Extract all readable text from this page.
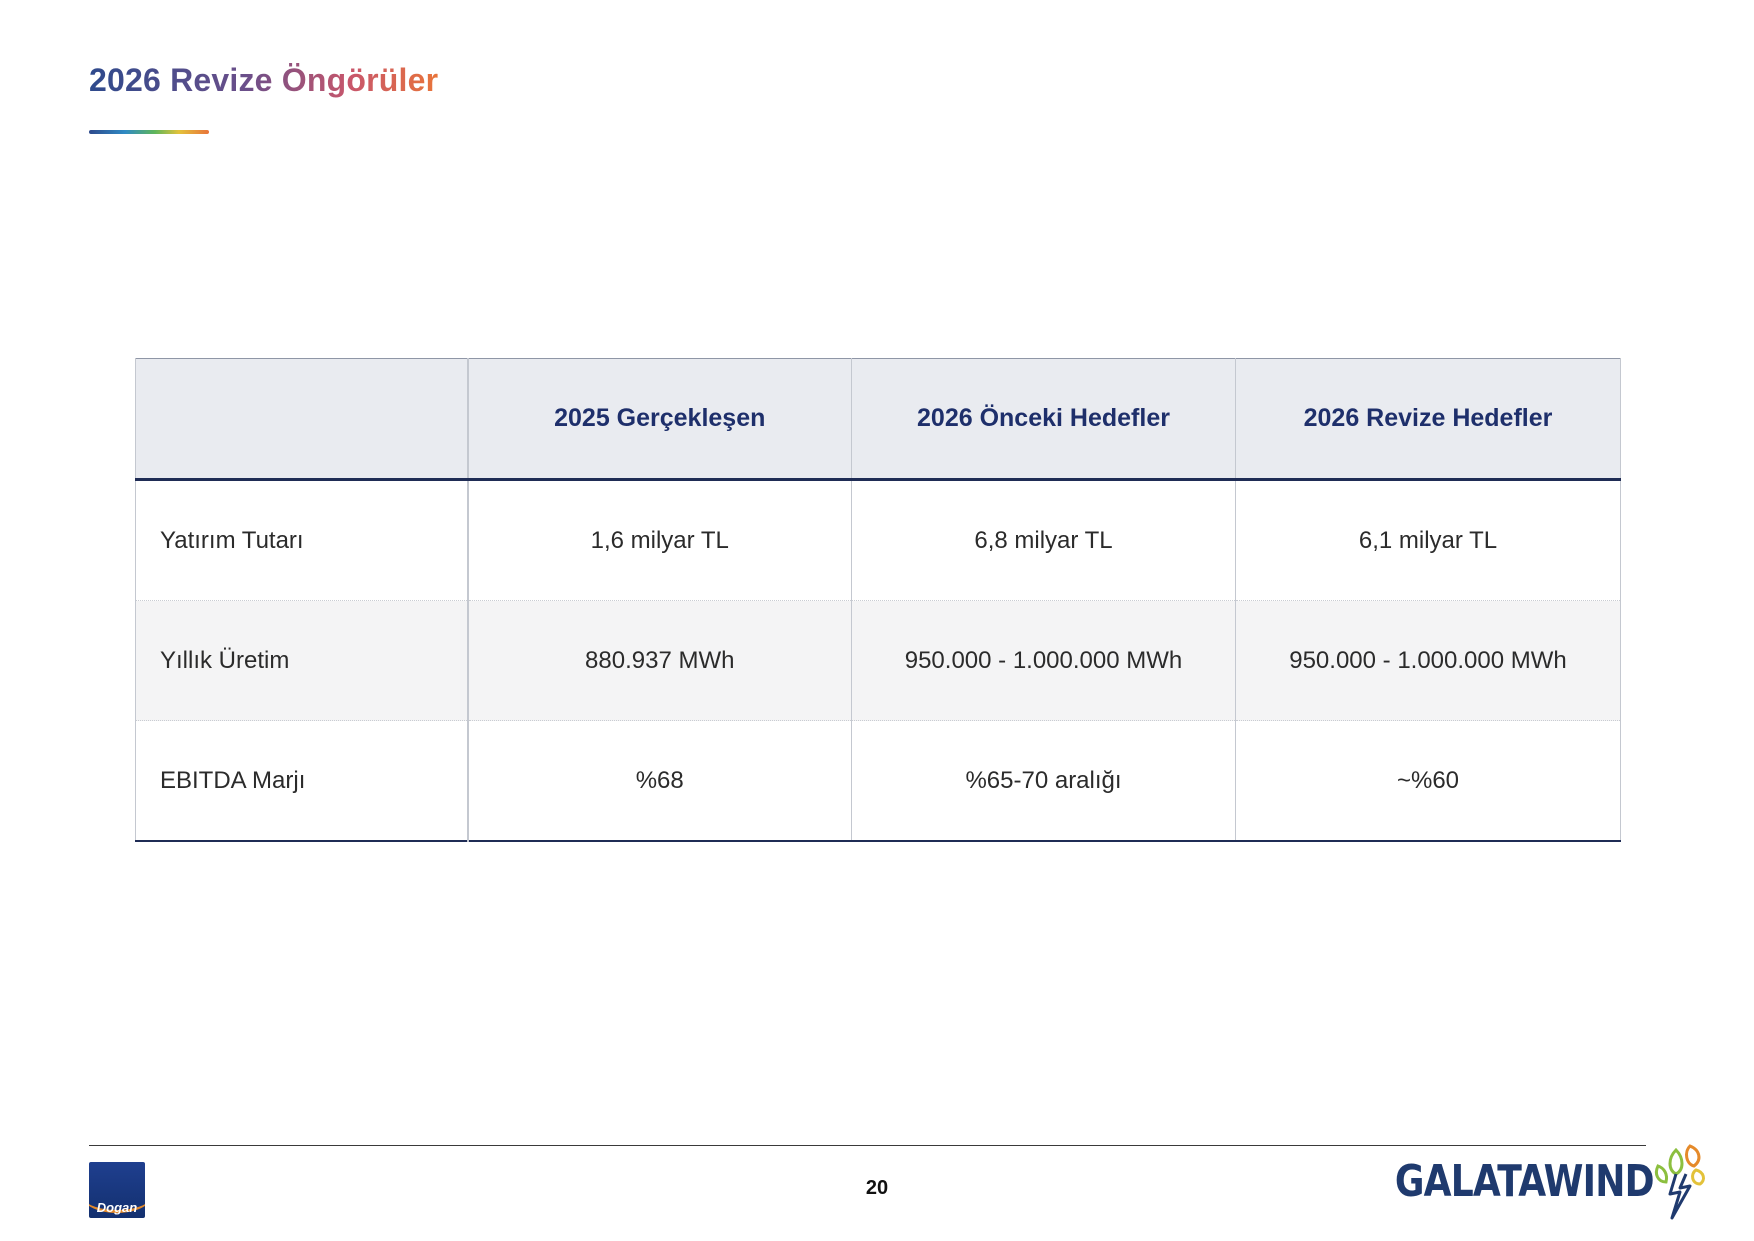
2026 Revize Öngörüler
	2025 Gerçekleşen	2026 Önceki Hedefler	2026 Revize Hedefler
Yatırım Tutarı	1,6 milyar TL	6,8 milyar TL	6,1 milyar TL
Yıllık Üretim	880.937 MWh	950.000 - 1.000.000 MWh	950.000 - 1.000.000 MWh
EBITDA Marjı	%68	%65-70 aralığı	~%60
Dogan
20	GALATAWIND
